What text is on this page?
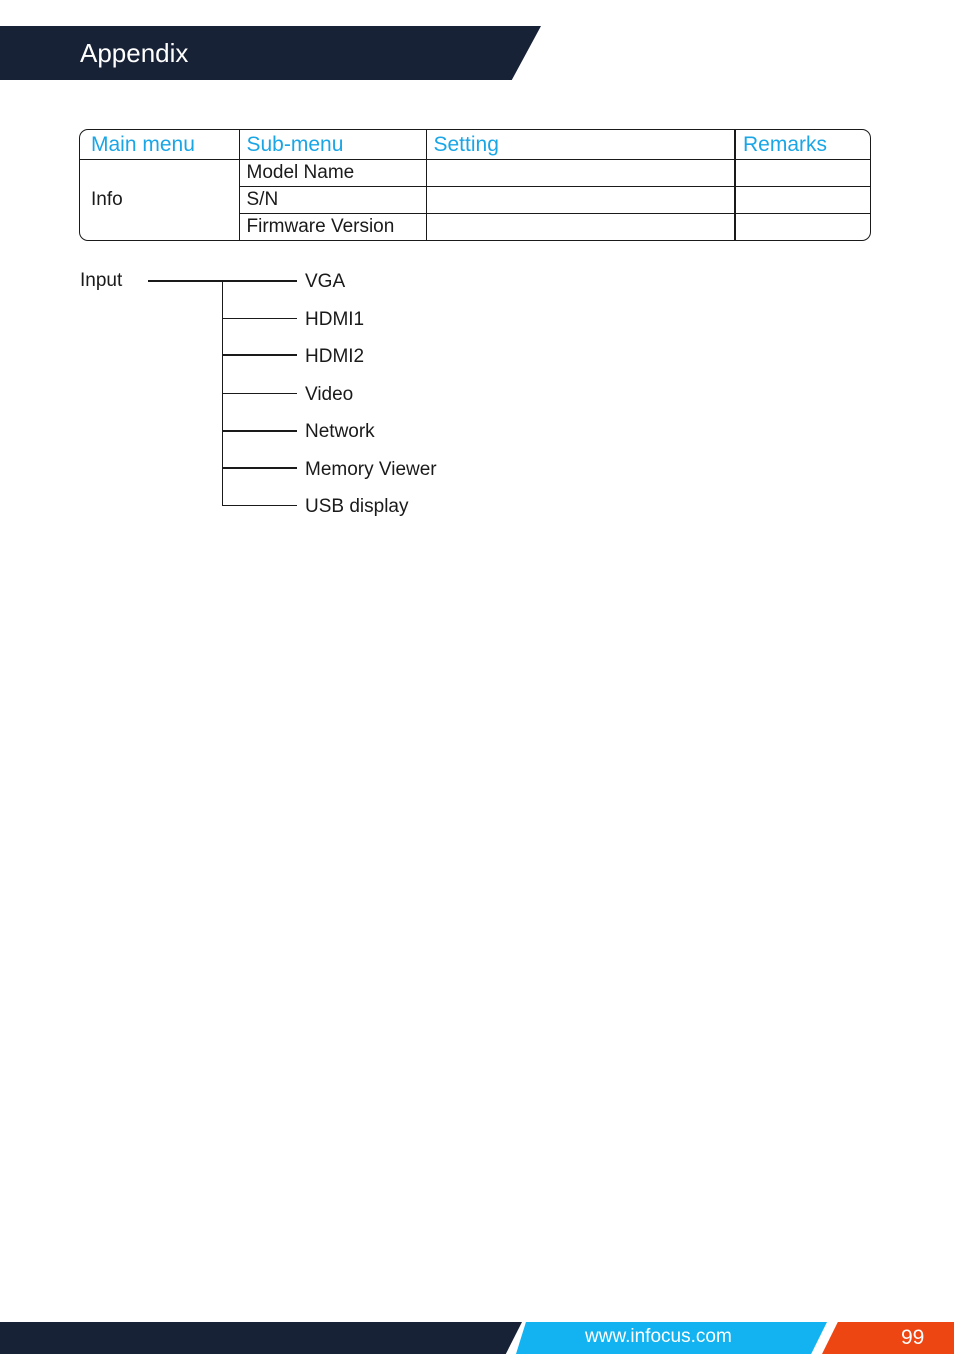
Appendix
Main menu	Sub-menu	Setting	Remarks
Info	Model Name		
	S/N		
	Firmware Version		
Input	VGA
HDMI1
HDMI2
Video
Network
Memory Viewer
USB display
www.infocus.com	99
